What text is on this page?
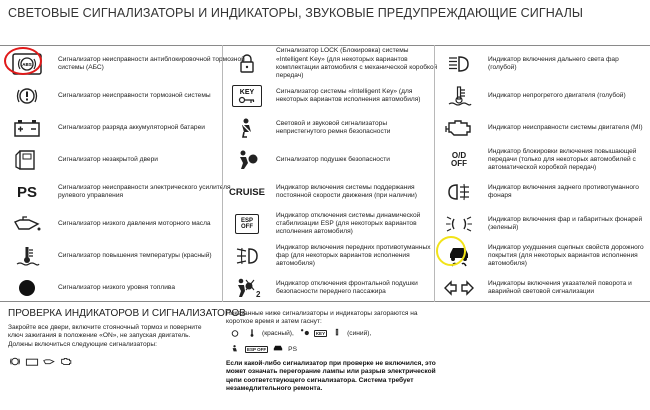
СВЕТОВЫЕ СИГНАЛИЗАТОРЫ И ИНДИКАТОРЫ, ЗВУКОВЫЕ ПРЕДУПРЕЖДАЮЩИЕ СИГНАЛЫ
ABS
Сигнализатор неисправности антиблокировочной тормозной системы (АБС)
Сигнализатор неисправности тормозной системы
Сигнализатор разряда аккумуляторной батареи
Сигнализатор незакрытой двери
PS	Сигнализатор неисправности электрического усилителя рулевого управления
Сигнализатор низкого давления моторного масла
Сигнализатор повышения температуры (красный)
Сигнализатор низкого уровня топлива
Сигнализатор LOCK (Блокировка) системы «Intelligent Key» (для некоторых вариантов комплектации автомобиля с механической коробкой передач)
KEY	Сигнализатор системы «Intelligent Key» (для некоторых вариантов исполнения автомобиля)
Световой и звуковой сигнализаторы непристегнутого ремня безопасности
Сигнализатор подушек безопасности
CRUISE Индикатор включения системы поддержания постоянной скорости движения (при наличии)
ESP OFF
Индикатор отключения системы динамической стабилизации ESP (для некоторых вариантов исполнения автомобиля)
Индикатор включения передних противотуманных фар (для некоторых вариантов исполнения автомобиля)
2
Индикатор отключения фронтальной подушки безопасности переднего пассажира
Индикатор включения дальнего света фар (голубой)
Индикатор непрогретого двигателя (голубой)
Индикатор неисправности системы двигателя (MI)
O/D OFF
Индикатор блокировки включения повышающей передачи (только для некоторых автомобилей с автоматической коробкой передач)
Индикатор включения заднего противотуманного фонаря
Индикатор включения фар и габаритных фонарей (зеленый)
Индикатор ухудшения сцепных свойств дорожного покрытия (для некоторых вариантов исполнения автомобиля)
Индикаторы включения указателей поворота и аварийной световой сигнализации
ПРОВЕРКА ИНДИКАТОРОВ И СИГНАЛИЗАТОРОВ
Закройте все двери, включите стояночный тормоз и поверните ключ зажигания в положение «ON», не запуская двигатель. Должны включиться следующие сигнализаторы:
Показанные ниже сигнализаторы и индикаторы загораются на короткое время и затем гаснут:
(красный),	KEY	(синий),
ESP OFF	PS
Если какой-либо сигнализатор при проверке не включился, это может означать перегорание лампы или разрыв электрической цепи соответствующего сигнализатора. Система требует незамедлительного ремонта.
